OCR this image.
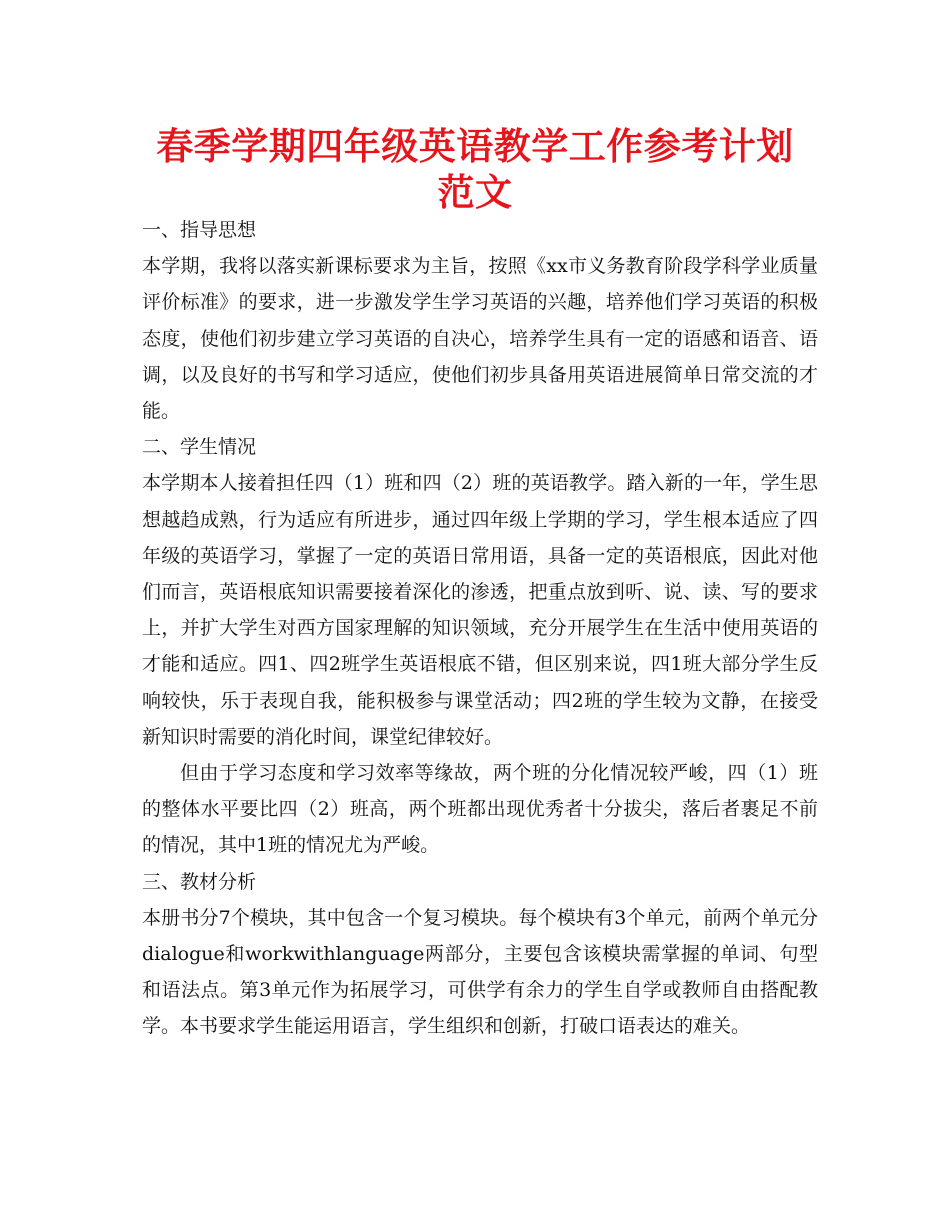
春季学期四年级英语教学工作参考计划范文

一、指导思想

本学期，我将以落实新课标要求为主旨，按照《xx市义务教育阶段学科学业质量评价标准》的要求，进一步激发学生学习英语的兴趣，培养他们学习英语的积极态度，使他们初步建立学习英语的自决心，培养学生具有一定的语感和语音、语调，以及良好的书写和学习适应，使他们初步具备用英语进展简单日常交流的才能。

二、学生情况

本学期本人接着担任四（1）班和四（2）班的英语教学。踏入新的一年，学生思想越趋成熟，行为适应有所进步，通过四年级上学期的学习，学生根本适应了四年级的英语学习，掌握了一定的英语日常用语，具备一定的英语根底，因此对他们而言，英语根底知识需要接着深化的渗透，把重点放到听、说、读、写的要求上，并扩大学生对西方国家理解的知识领域，充分开展学生在生活中使用英语的才能和适应。四1、四2班学生英语根底不错，但区别来说，四1班大部分学生反响较快，乐于表现自我，能积极参与课堂活动；四2班的学生较为文静，在接受新知识时需要的消化时间，课堂纪律较好。

但由于学习态度和学习效率等缘故，两个班的分化情况较严峻，四（1）班的整体水平要比四（2）班高，两个班都出现优秀者十分拔尖，落后者裹足不前的情况，其中1班的情况尤为严峻。

三、教材分析

本册书分7个模块，其中包含一个复习模块。每个模块有3个单元，前两个单元分dialogue和workwithlanguage两部分，主要包含该模块需掌握的单词、句型和语法点。第3单元作为拓展学习，可供学有余力的学生自学或教师自由搭配教学。本书要求学生能运用语言，学生组织和创新，打破口语表达的难关。
